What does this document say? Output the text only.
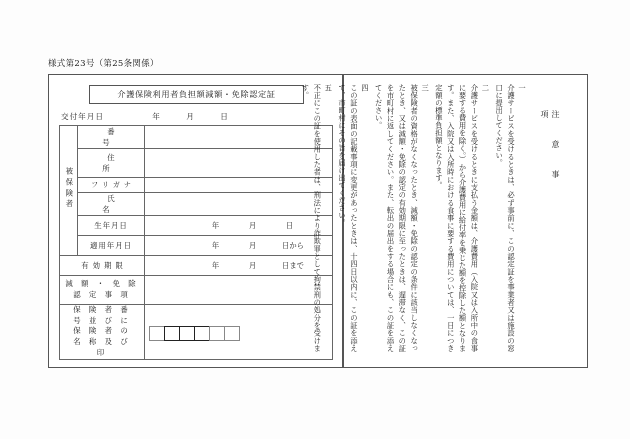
様式第23号（第25条関係）
介護保険利用者負担額減額・免除認定証
交付年月日	年	月	日
被保険者	番　　号	
	住　　所	
	フリガナ	
	氏　　名	
	生年月日	年 月 日

	適用年月日	年 月 日から

有効期限		年 月 日まで

減 額 ・ 免 除
認 定 事 項		

保 険 者 番
号 並 び に
保 険 者 の
名 称 及 び
印		

注　意　事　項
一
介護サービスを受けるときは、必ず事前に、この認定証を事業者又は施設の窓口に提出してください。
二
介護サービスを受けるときに支払う金額は、介護費用（入院又は入所中の食事に要する費用を除く。）から介護費用に給付率を乗じた額を控除した額となります。また、入院又は入所時における食事に要する費用については、一日につき定額の標準負担額となります。
三
被保険者の資格がなくなったとき、減額・免除の認定の条件に該当しなくなったとき、又は減額・免除の認定の有効期限に至ったときは、遅滞なく、この証を市町村に返してください。また、転出の届出をする場合にも、この証を添えてください。
四
この証の表面の記載事項に変更があったときは、十四日以内に、この証を添えて、市町村にその旨を届け出てください。
五
不正にこの証を使用した者は、刑法により詐欺罪として拘禁刑の処分を受けます。
